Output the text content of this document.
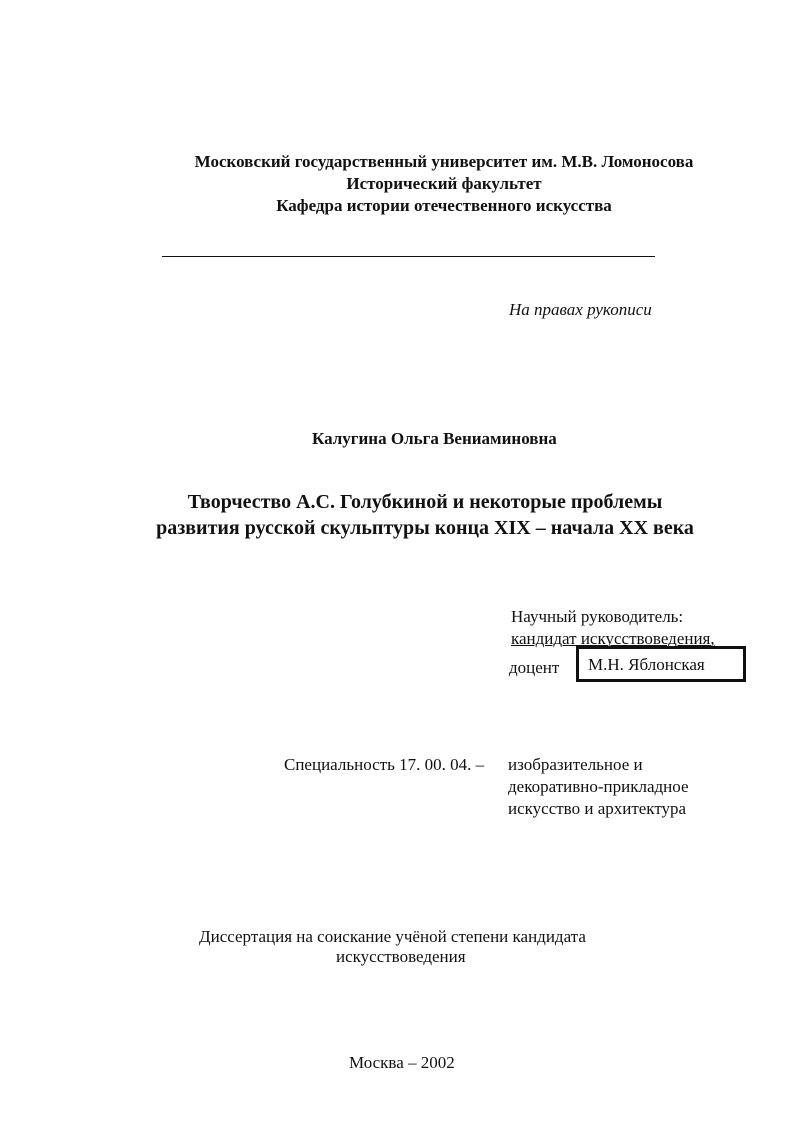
Московский государственный университет им. М.В. Ломоносова
Исторический факультет
Кафедра истории отечественного искусства
На правах рукописи
Калугина Ольга Вениаминовна
Творчество А.С. Голубкиной и некоторые проблемы
развития русской скульптуры конца XIX – начала XX века
Научный руководитель:
кандидат искусствоведения,
доцент	М.Н. Яблонская
Специальность 17. 00. 04. – изобразительное и
декоративно-прикладное
искусство и архитектура
Диссертация на соискание учёной степени кандидата
искусствоведения
Москва – 2002
